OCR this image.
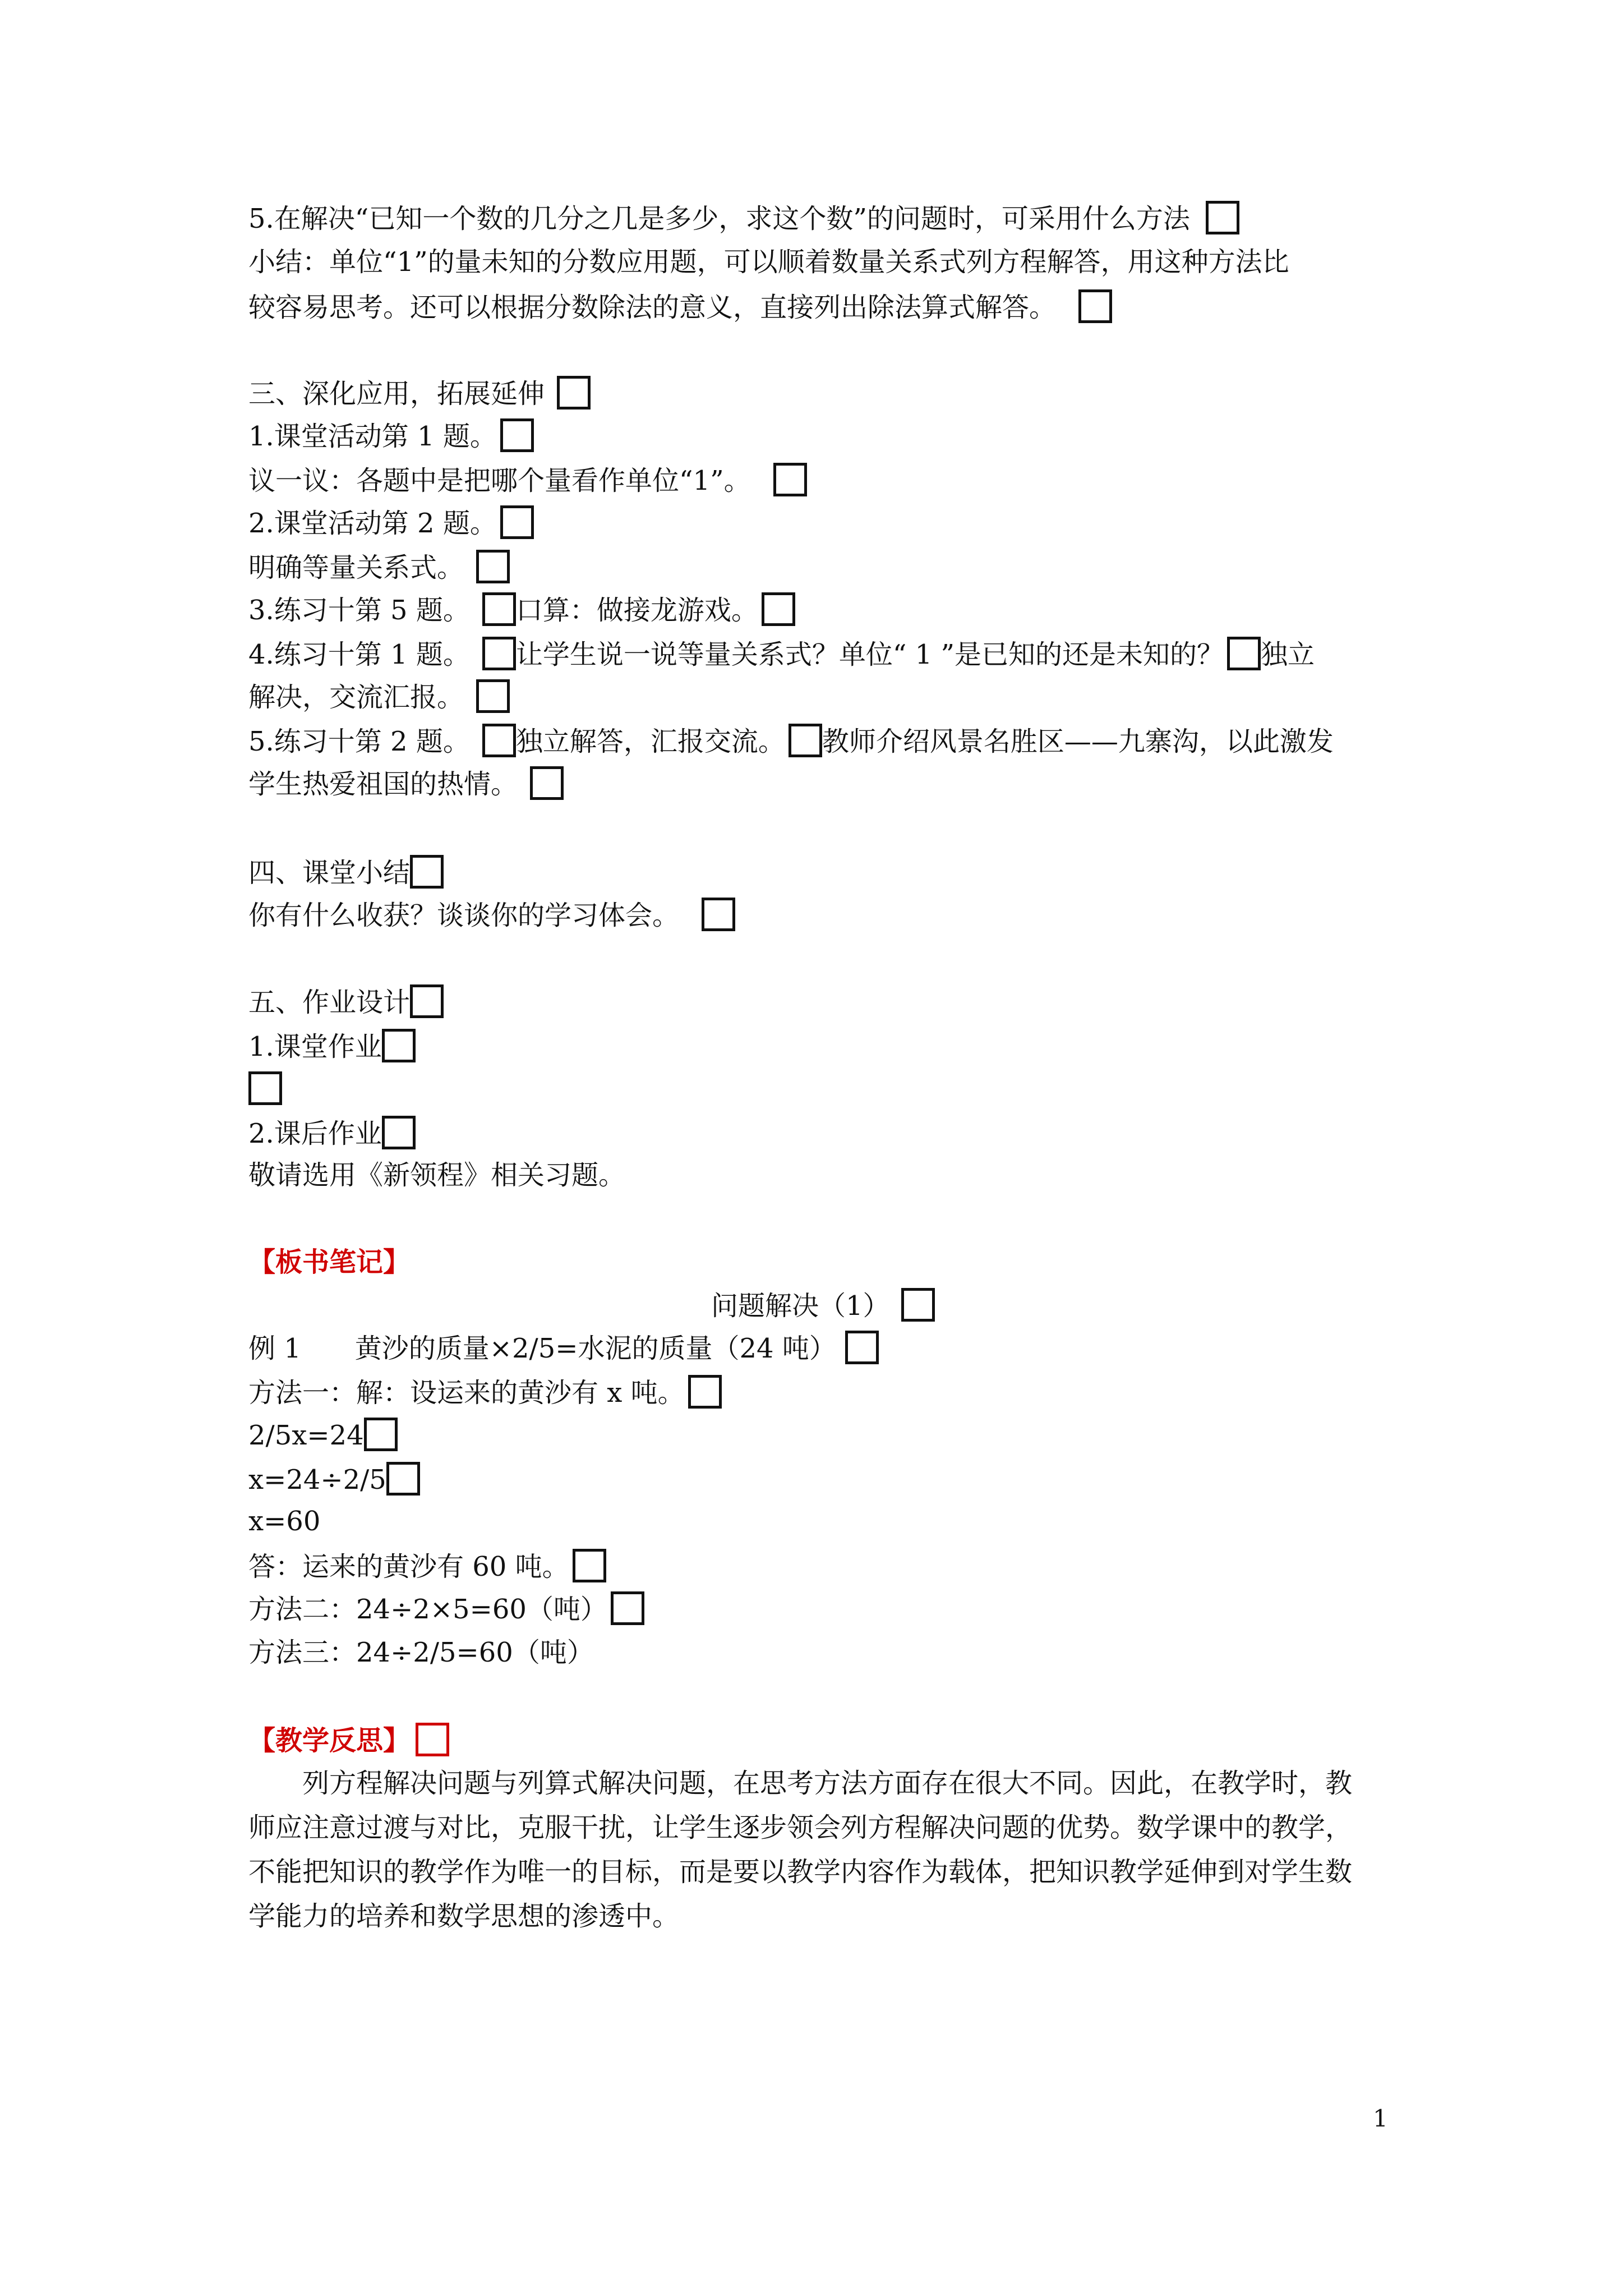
5.在解决“已知一个数的几分之几是多少，求这个数”的问题时，可采用什么方法
小结：单位“1”的量未知的分数应用题，可以顺着数量关系式列方程解答，用这种方法比
较容易思考。还可以根据分数除法的意义，直接列出除法算式解答。
三、深化应用，拓展延伸
1.课堂活动第 1 题。
议一议：各题中是把哪个量看作单位“1”。
2.课堂活动第 2 题。
明确等量关系式。
3.练习十第 5 题。 口算：做接龙游戏。
4.练习十第 1 题。 让学生说一说等量关系式？单位“ 1 ”是已知的还是未知的？ 独立
解决，交流汇报。
5.练习十第 2 题。 独立解答，汇报交流。 教师介绍风景名胜区——九寨沟，以此激发
学生热爱祖国的热情。
四、课堂小结
你有什么收获？谈谈你的学习体会。
五、作业设计
1.课堂作业
2.课后作业
敬请选用《新领程》相关习题。
【板书笔记】
问题解决（1）
例 1　　黄沙的质量×2/5=水泥的质量（24 吨）
方法一：解：设运来的黄沙有 x 吨。
2/5x=24
x=24÷2/5
x=60
答：运来的黄沙有 60 吨。
方法二：24÷2×5=60（吨）
方法三：24÷2/5=60（吨）
【教学反思】

列方程解决问题与列算式解决问题，在思考方法方面存在很大不同。因此，在教学时，教师应注意过渡与对比，克服干扰，让学生逐步领会列方程解决问题的优势。数学课中的教学，不能把知识的教学作为唯一的目标，而是要以教学内容作为载体，把知识教学延伸到对学生数学能力的培养和数学思想的渗透中。

1
